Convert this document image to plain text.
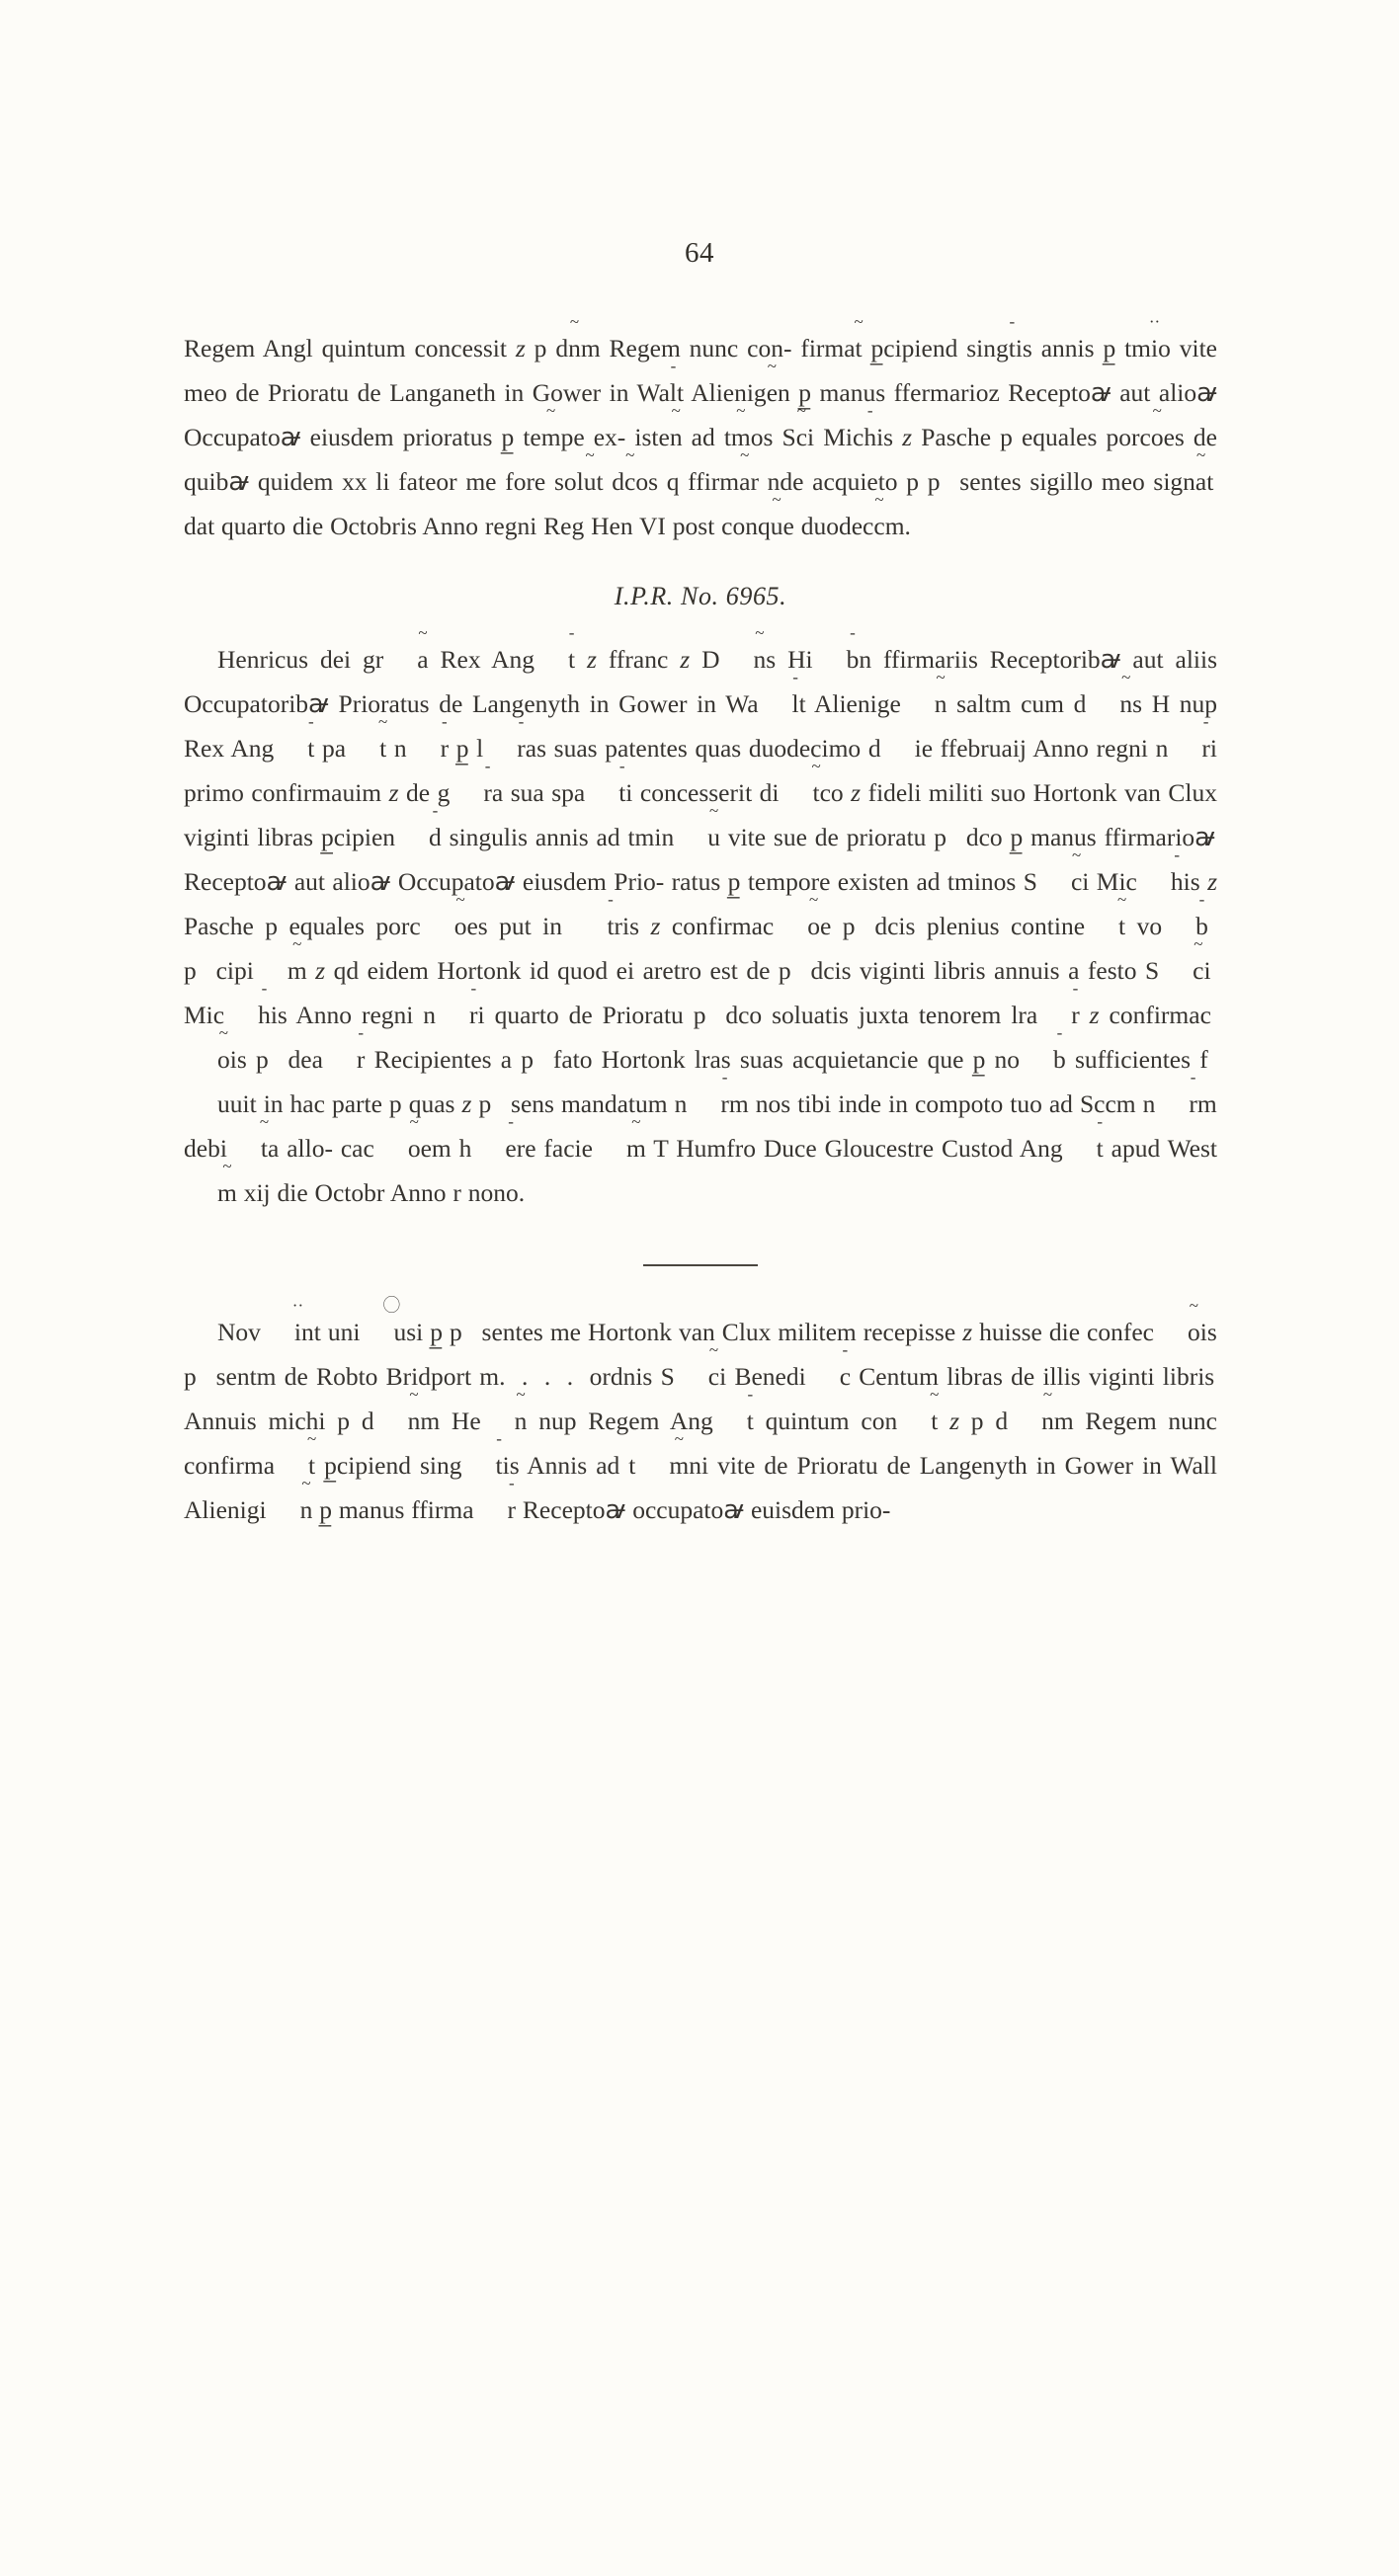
64

Regem Angl quintum concessit z p dn ~m Regem nunc con- firmat ~ p̲cipiend singt -is annis p̲ tmi ··o vite meo de Prioratu de Langaneth in Gower in Wal -t Alienige ~n p̲ manus ffermarioz Receptoꜻ aut alioꜻ Occupatoꜻ eiusdem prioratus p̲ tem ~pe ex- isten ~ ad tm ~os Sc ~i Mich -is z Pasche p equales porco ~es de quibꜻ quidem xx li fateor me fore solu ~t dc ~os q ffirma ~r nde acquieto p p⃝sentes sigillo meo signa ~t dat quarto die Octobris Anno regni Reg Hen VI post conqu ~e duodecc ~m.

I.P.R. No. 6965.

Henricus dei gr a ~ Rex Ang t - z ffranc z D n ~s Hi b -n ffirmariis Receptoribꜻ aut aliis Occupatoribꜻ Prioratus de Langenyth in Gower in Wa l -t Alienige n ~ saltm cum d n ~s H nup Rex Ang t - pa t ~ n r - p̲ l r -as suas patentes quas duodecimo d ie ffebruaij Anno regni n r -i primo confirmauim z de g r -a sua spa t -i concesserit di t ~co z fideli militi suo Hortonk van Clux viginti libras p̲cipien d - singulis annis ad tmin u ~ vite sue de prioratu p⃝dco p̲ manus ffirmarioꜻ Receptoꜻ aut alioꜻ Occupatoꜻ eiusdem Prio- ratus p̲ tempore existen ad tminos S c ~i Mic h -is z Pasche p equales porc o ~es put in t -ris z confirmac o ~e p⃝dcis plenius contine t ~ vo b - p⃝cipi m ~ z qd eidem Hortonk id quod ei aretro est de p⃝dcis viginti libris annuis a festo S c ~i Mic h -is Anno regni n r -i quarto de Prioratu p⃝dco soluatis juxta tenorem lra r - z confirmaco ~is p⃝dea r - Recipientes a p⃝fato Hortonk lras suas acquietancie que p̲ no b - sufficientes fuuit in hac parte p quas z p⃝sens mandatum n r -m nos tibi inde in compoto tuo ad Sccm n r -m debi t ~a allo- cac o ~em h e -re facie m ~ T Humfro Duce Gloucestre Custod Ang t - apud Westm ~ xij die Octobr Anno r nono.

Nov i ··nt uni u ⃝si p̲ p⃝sentes me Hortonk van Clux militem recepisse z huisse die confec o ~is p⃝sentm de Robto Bridport m.  .  .  .  ordnis S c ~i Benedi c - Centum libras de illis viginti libris Annuis michi p d n ~m He n ~ nup Regem Ang t - quintum con t ~ z p d n ~m Regem nunc confirma t ~ p̲cipiend sing t -is Annis ad t m ~ni vite de Prioratu de Langenyth in Gower in Wall Alienigi n ~ p̲ manus ffirma r - Receptoꜻ occupatoꜻ euisdem prio-
